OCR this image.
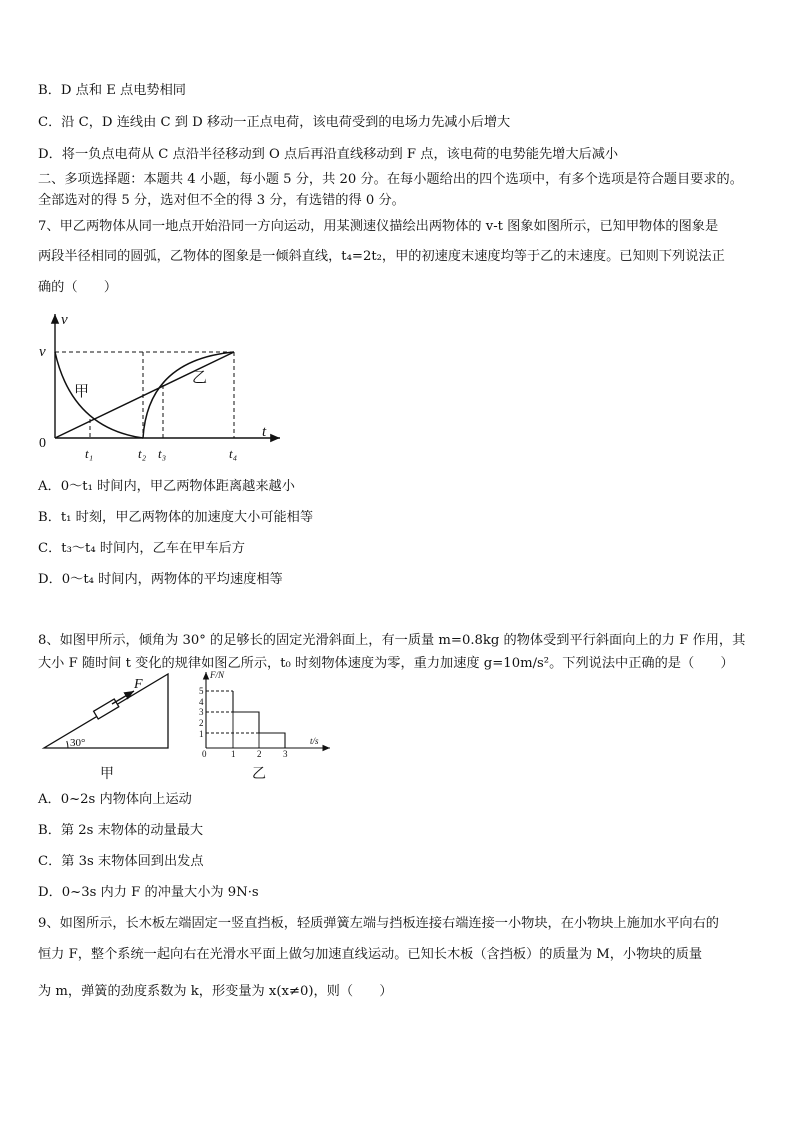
B．D 点和 E 点电势相同
C．沿 C，D 连线由 C 到 D 移动一正点电荷，该电荷受到的电场力先减小后增大
D．将一负点电荷从 C 点沿半径移动到 O 点后再沿直线移动到 F 点，该电荷的电势能先增大后减小
二、多项选择题：本题共 4 小题，每小题 5 分，共 20 分。在每小题给出的四个选项中，有多个选项是符合题目要求的。
全部选对的得 5 分，选对但不全的得 3 分，有选错的得 0 分。
7、甲乙两物体从同一地点开始沿同一方向运动，用某测速仪描绘出两物体的 v-t 图象如图所示，已知甲物体的图象是
两段半径相同的圆弧，乙物体的图象是一倾斜直线，t₄=2t₂，甲的初速度末速度均等于乙的末速度。已知则下列说法正
确的（　　）
v
t
0
v
甲
乙
t₁	t₂ t₃	t₄
A．0～t₁ 时间内，甲乙两物体距离越来越小
B．t₁ 时刻，甲乙两物体的加速度大小可能相等
C．t₃～t₄ 时间内，乙车在甲车后方
D．0～t₄ 时间内，两物体的平均速度相等
8、如图甲所示，倾角为 30° 的足够长的固定光滑斜面上，有一质量 m=0.8kg 的物体受到平行斜面向上的力 F 作用，其
F
30°
甲
F/N
t/s
5
4
3
2
1
0	1 2 3
乙
大小 F 随时间 t 变化的规律如图乙所示，t₀ 时刻物体速度为零，重力加速度 g=10m/s²。下列说法中正确的是（　　）
A．0~2s 内物体向上运动
B．第 2s 末物体的动量最大
C．第 3s 末物体回到出发点
D．0~3s 内力 F 的冲量大小为 9N·s
9、如图所示，长木板左端固定一竖直挡板，轻质弹簧左端与挡板连接右端连接一小物块，在小物块上施加水平向右的
恒力 F，整个系统一起向右在光滑水平面上做匀加速直线运动。已知长木板（含挡板）的质量为 M，小物块的质量
为 m，弹簧的劲度系数为 k，形变量为 x(x≠0)，则（　　）
